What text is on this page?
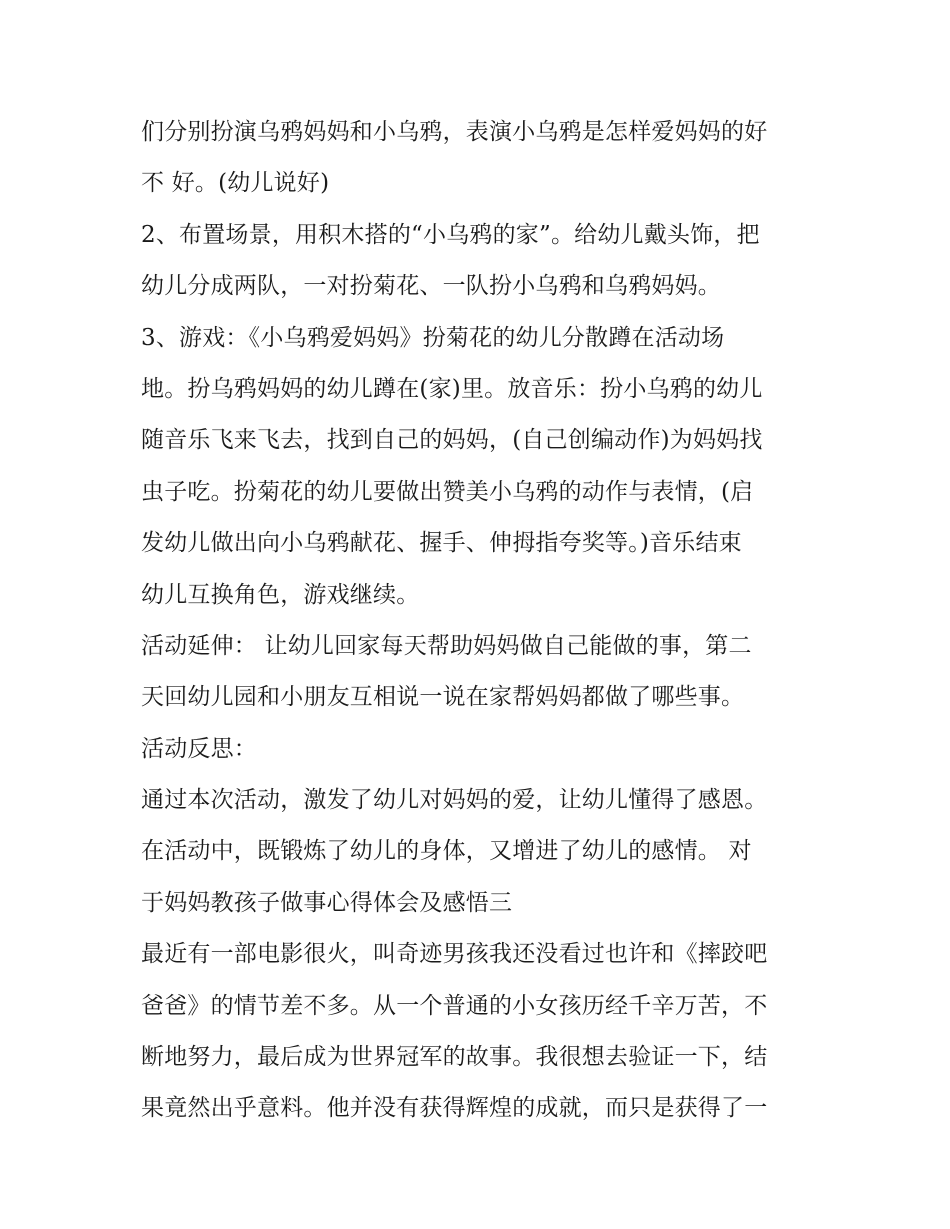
们分别扮演乌鸦妈妈和小乌鸦，表演小乌鸦是怎样爱妈妈的好
不 好。(幼儿说好)
2、布置场景，用积木搭的“小乌鸦的家”。给幼儿戴头饰，把
幼儿分成两队，一对扮菊花、一队扮小乌鸦和乌鸦妈妈。
3、游戏：《小乌鸦爱妈妈》扮菊花的幼儿分散蹲在活动场
地。扮乌鸦妈妈的幼儿蹲在(家)里。放音乐：扮小乌鸦的幼儿
随音乐飞来飞去，找到自己的妈妈，(自己创编动作)为妈妈找
虫子吃。扮菊花的幼儿要做出赞美小乌鸦的动作与表情，(启
发幼儿做出向小乌鸦献花、握手、伸拇指夸奖等。)音乐结束
幼儿互换角色，游戏继续。
活动延伸： 让幼儿回家每天帮助妈妈做自己能做的事，第二
天回幼儿园和小朋友互相说一说在家帮妈妈都做了哪些事。
活动反思：
通过本次活动，激发了幼儿对妈妈的爱，让幼儿懂得了感恩。
在活动中，既锻炼了幼儿的身体，又增进了幼儿的感情。 对
于妈妈教孩子做事心得体会及感悟三
最近有一部电影很火，叫奇迹男孩我还没看过也许和《摔跤吧
爸爸》的情节差不多。从一个普通的小女孩历经千辛万苦，不
断地努力，最后成为世界冠军的故事。我很想去验证一下，结
果竟然出乎意料。他并没有获得辉煌的成就，而只是获得了一
